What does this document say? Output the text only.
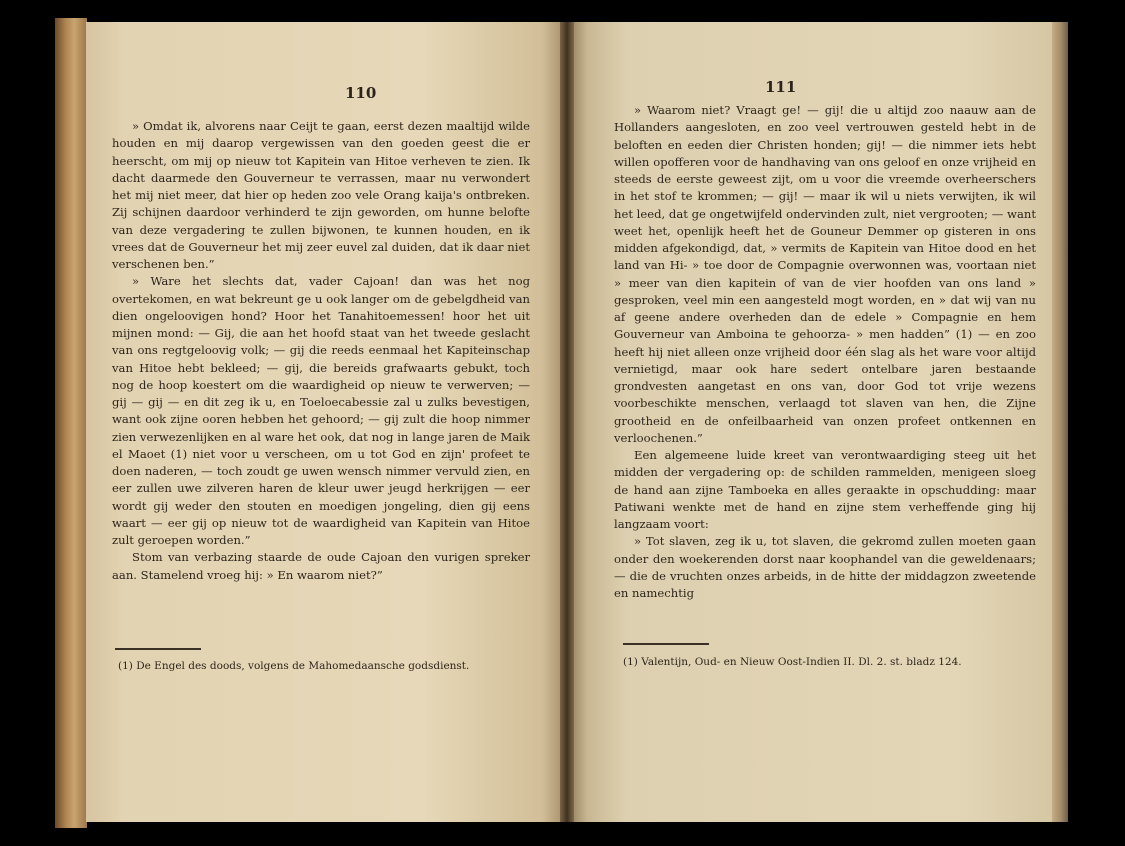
110

» Omdat ik, alvorens naar Ceijt te gaan, eerst dezen maaltijd wilde houden en mij daarop vergewissen van den goeden geest die er heerscht, om mij op nieuw tot Kapitein van Hitoe verheven te zien. Ik dacht daarmede den Gouverneur te verrassen, maar nu verwondert het mij niet meer, dat hier op heden zoo vele Orang kaija's ontbreken. Zij schijnen daardoor verhinderd te zijn geworden, om hunne belofte van deze vergadering te zullen bijwonen, te kunnen houden, en ik vrees dat de Gouverneur het mij zeer euvel zal duiden, dat ik daar niet verschenen ben.”

» Ware het slechts dat, vader Cajoan! dan was het nog overtekomen, en wat bekreunt ge u ook langer om de gebelgdheid van dien ongeloovigen hond? Hoor het Tanahitoemessen! hoor het uit mijnen mond: — Gij, die aan het hoofd staat van het tweede geslacht van ons regtgeloovig volk; — gij die reeds eenmaal het Kapiteinschap van Hitoe hebt bekleed; — gij, die bereids grafwaarts gebukt, toch nog de hoop koestert om die waardigheid op nieuw te verwerven; — gij — gij — en dit zeg ik u, en Toeloecabessie zal u zulks bevestigen, want ook zijne ooren hebben het gehoord; — gij zult die hoop nimmer zien verwezenlijken en al ware het ook, dat nog in lange jaren de Maik el Maoet (1) niet voor u verscheen, om u tot God en zijn' profeet te doen naderen, — toch zoudt ge uwen wensch nimmer vervuld zien, en eer zullen uwe zilveren haren de kleur uwer jeugd herkrijgen — eer wordt gij weder den stouten en moedigen jongeling, dien gij eens waart — eer gij op nieuw tot de waardigheid van Kapitein van Hitoe zult geroepen worden.”

Stom van verbazing staarde de oude Cajoan den vurigen spreker aan. Stamelend vroeg hij: » En waarom niet?”

(1) De Engel des doods, volgens de Mahomedaansche godsdienst.
111

» Waarom niet? Vraagt ge! — gij! die u altijd zoo naauw aan de Hollanders aangesloten, en zoo veel vertrouwen gesteld hebt in de beloften en eeden dier Christen honden; gij! — die nimmer iets hebt willen opofferen voor de handhaving van ons geloof en onze vrijheid en steeds de eerste geweest zijt, om u voor die vreemde overheerschers in het stof te krommen; — gij! — maar ik wil u niets verwijten, ik wil het leed, dat ge ongetwijfeld ondervinden zult, niet vergrooten; — want weet het, openlijk heeft het de Gouneur Demmer op gisteren in ons midden afgekondigd, dat, » vermits de Kapitein van Hitoe dood en het land van Hi- » toe door de Compagnie overwonnen was, voortaan niet » meer van dien kapitein of van de vier hoofden van ons land » gesproken, veel min een aangesteld mogt worden, en » dat wij van nu af geene andere overheden dan de edele » Compagnie en hem Gouverneur van Amboina te gehoorza- » men hadden” (1) — en zoo heeft hij niet alleen onze vrijheid door één slag als het ware voor altijd vernietigd, maar ook hare sedert ontelbare jaren bestaande grondvesten aangetast en ons van, door God tot vrije wezens voorbeschikte menschen, verlaagd tot slaven van hen, die Zijne grootheid en de onfeilbaarheid van onzen profeet ontkennen en verloochenen.”

Een algemeene luide kreet van verontwaardiging steeg uit het midden der vergadering op: de schilden rammelden, menigeen sloeg de hand aan zijne Tamboeka en alles geraakte in opschudding: maar Patiwani wenkte met de hand en zijne stem verheffende ging hij langzaam voort:

» Tot slaven, zeg ik u, tot slaven, die gekromd zullen moeten gaan onder den woekerenden dorst naar koophandel van die geweldenaars; — die de vruchten onzes arbeids, in de hitte der middagzon zweetende en namechtig

(1) Valentijn, Oud- en Nieuw Oost-Indien II. Dl. 2. st. bladz 124.
